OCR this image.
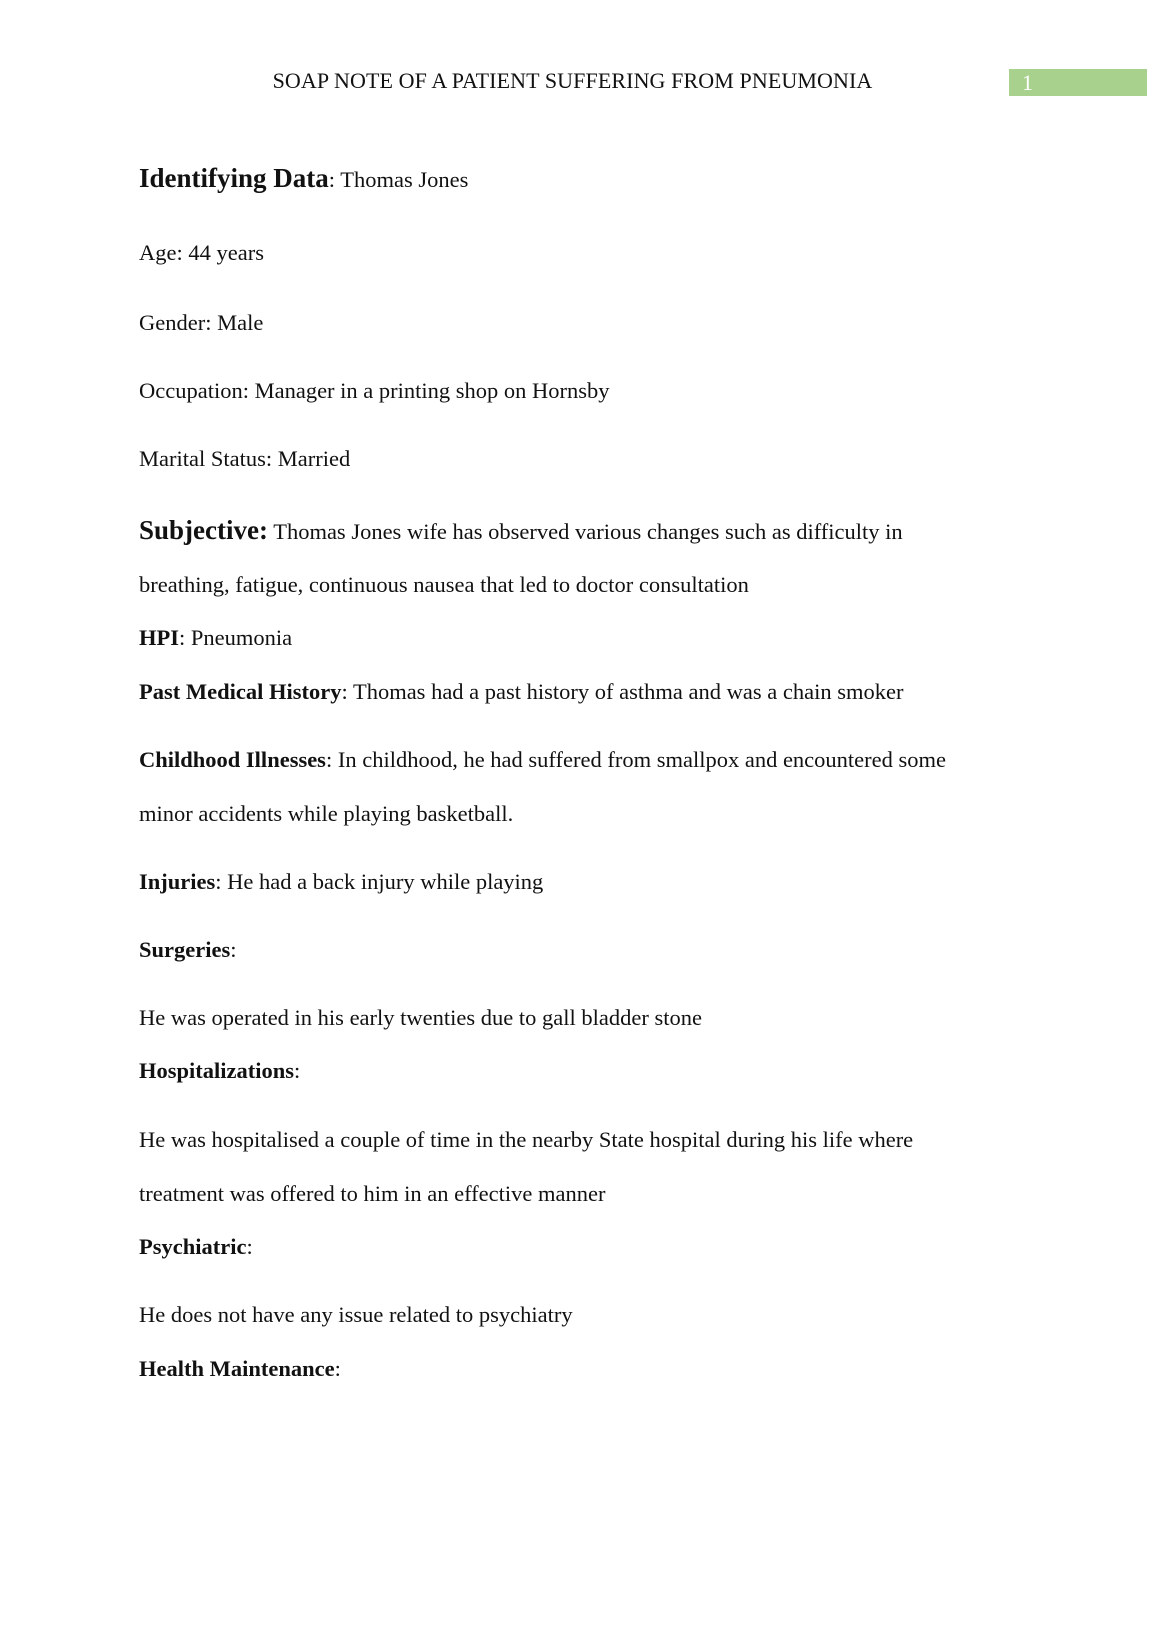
SOAP NOTE OF A PATIENT SUFFERING FROM PNEUMONIA	1
Identifying Data: Thomas Jones
Age: 44 years
Gender: Male
Occupation: Manager in a printing shop on Hornsby
Marital Status: Married
Subjective: Thomas Jones wife has observed various changes such as difficulty in
breathing, fatigue, continuous nausea that led to doctor consultation
HPI: Pneumonia
Past Medical History: Thomas had a past history of asthma and was a chain smoker
Childhood Illnesses: In childhood, he had suffered from smallpox and encountered some
minor accidents while playing basketball.
Injuries: He had a back injury while playing
Surgeries:
He was operated in his early twenties due to gall bladder stone
Hospitalizations:
He was hospitalised a couple of time in the nearby State hospital during his life where
treatment was offered to him in an effective manner
Psychiatric:
He does not have any issue related to psychiatry
Health Maintenance:
